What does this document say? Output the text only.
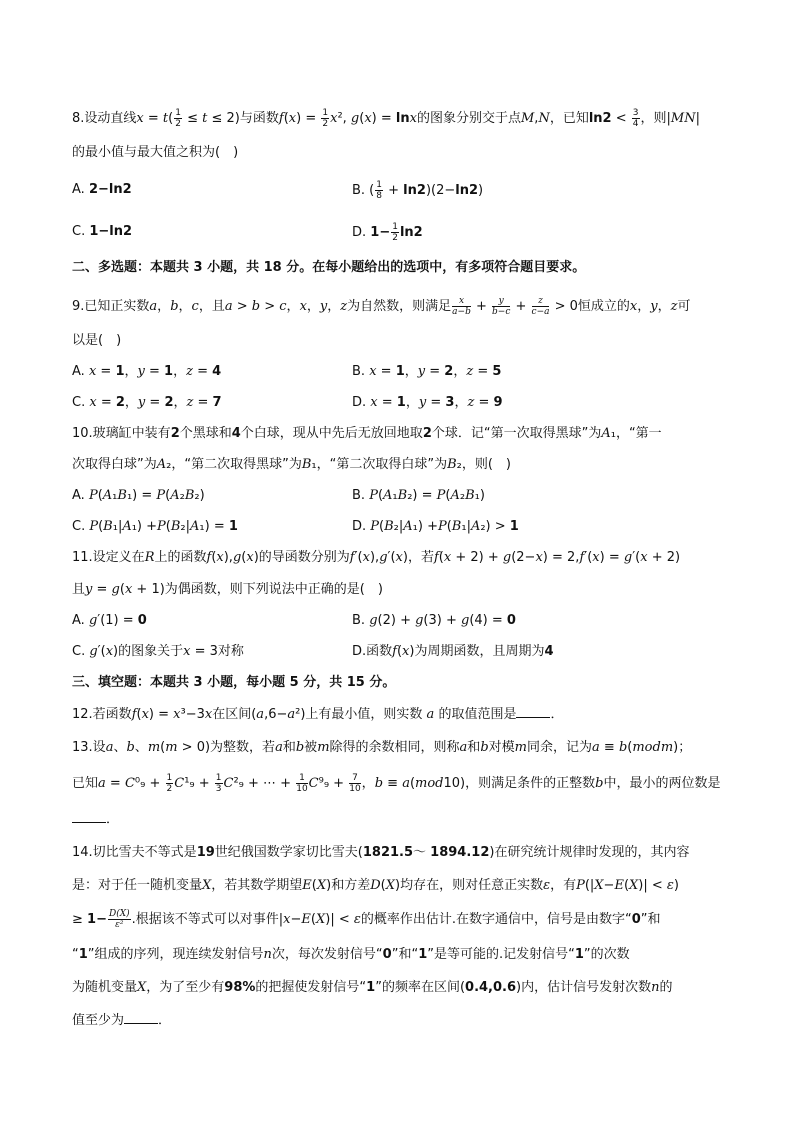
8.设动直线$x = t( \frac{1}{2} \le t \le 2)$与函数$f(x) = \frac{1}{2} x^2$, g(x) = lnx的图象分别交于点M,N，已知$\ln 2 < \frac{3}{4}$ ，则|MN|
的最小值与最大值之积为(　)
A. 2−ln2	B. ( $\frac{1}{8} + \ln 2)(2-\ln 2)$
C. 1−ln2	D. $1- \frac{1}{2} \ln 2$
二、多选题：本题共 3 小题，共 18 分。在每小题给出的选项中，有多项符合题目要求。
9.已知正实数a，b，c，且a > b > c，x，y，z为自然数，则满足 $\frac{x}{a-b} + \frac{y}{b-c} + \frac{z}{c-a} > 0$恒成立的x，y，z可
以是(　)
A. x = 1，y = 1，z = 4	B. x = 1，y = 2，z = 5
C. x = 2，y = 2，z = 7	D. x = 1，y = 3，z = 9
10.玻璃缸中装有2个黑球和4个白球，现从中先后无放回地取2个球．记“第一次取得黑球”为A₁，“第一
次取得白球”为A₂，“第二次取得黑球”为B₁，“第二次取得白球”为B₂，则(　)
A. P(A₁B₁) = P(A₂B₂)	B. P(A₁B₂) = P(A₂B₁)
C. P(B₁|A₁) +P(B₂|A₁) = 1	D. P(B₂|A₁) +P(B₁|A₂) > 1
11.设定义在R上的函数f(x),g(x)的导函数分别为f′(x),g′(x)，若f(x + 2) + g(2−x) = 2,f′(x) = g′(x + 2)
且y = g(x + 1)为偶函数，则下列说法中正确的是(　)
A. g′(1) = 0	B. g(2) + g(3) + g(4) = 0
C. g′(x)的图象关于x = 3对称	D.函数f(x)为周期函数，且周期为4
三、填空题：本题共 3 小题，每小题 5 分，共 15 分。
12.若函数f(x) = x³−3x在区间(a,6−a²)上有最小值，则实数 a 的取值范围是	．
13.设a、b、m(m > 0)为整数，若a和b被m除得的余数相同，则称a和b对模m同余，记为a ≡ b(modm)；
已知$a = C^0_9 + \frac{1}{2} C^1_9 + \frac{1}{3} C^2_9$ + ⋯ + $\frac{1}{10} C^9_9 + \frac{7}{10}$ ，b ≡ a(mod10)，则满足条件的正整数b中，最小的两位数是
．
14.切比雪夫不等式是19世纪俄国数学家切比雪夫(1821.5～ 1894.12)在研究统计规律时发现的，其内容
是：对于任一随机变量X，若其数学期望E(X)和方差D(X)均存在，则对任意正实数ε，有P(|X−E(X)| < ε)
≥ $1- \frac{D(X)}{\text{ε²}}$ .根据该不等式可以对事件|x−E(X)| < ε的概率作出估计.在数字通信中，信号是由数字“0”和
“1”组成的序列，现连续发射信号n次，每次发射信号“0”和“1”是等可能的.记发射信号“1”的次数
为随机变量X，为了至少有98%的把握使发射信号“1”的频率在区间(0.4,0.6)内，估计信号发射次数n的
值至少为	．
